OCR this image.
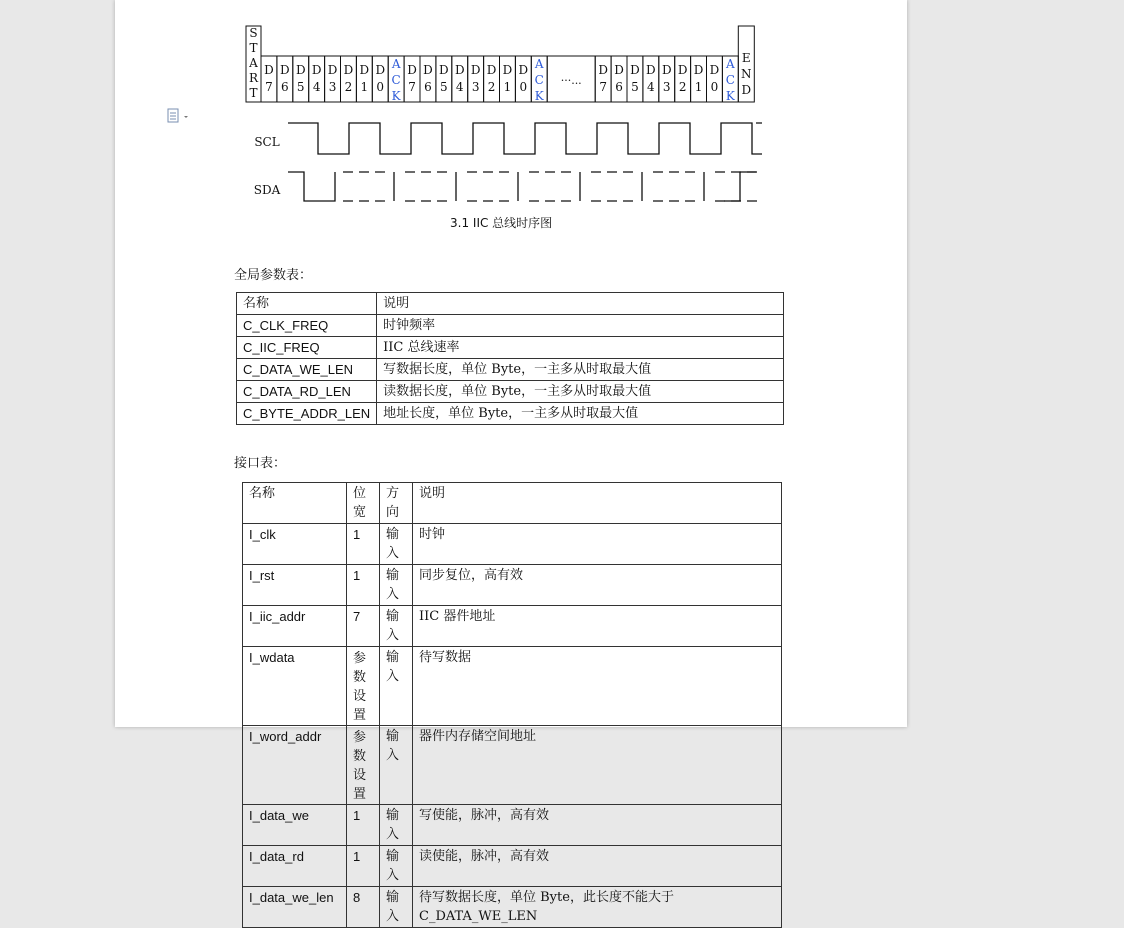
S
T
A
R
T
D
7
D
6
D
5
D
4
D
3
D
2
D
1
D
0
A
C
K
D
7
D
6
D
5
D
4
D
3
D
2
D
1
D
0
A
C
K
···...
D
7
D
6
D
5
D
4
D
3
D
2
D
1
D
0
A
C
K
E
N
D
SCL
SDA
3.1 IIC 总线时序图
全局参数表：
名称	说明
C_CLK_FREQ	时钟频率
C_IIC_FREQ	IIC 总线速率
C_DATA_WE_LEN	写数据长度，单位 Byte，一主多从时取最大值
C_DATA_RD_LEN	读数据长度，单位 Byte，一主多从时取最大值
C_BYTE_ADDR_LEN	地址长度，单位 Byte，一主多从时取最大值
接口表：
名称	位宽	方向	说明
I_clk	1	输入	时钟
I_rst	1	输入	同步复位，高有效
I_iic_addr	7	输入	IIC 器件地址
I_wdata	参数设置	输入	待写数据
I_word_addr	参数设置	输入	器件内存储空间地址
I_data_we	1	输入	写使能，脉冲，高有效
I_data_rd	1	输入	读使能，脉冲，高有效
I_data_we_len	8	输入	待写数据长度，单位 Byte，此长度不能大于C_DATA_WE_LEN
